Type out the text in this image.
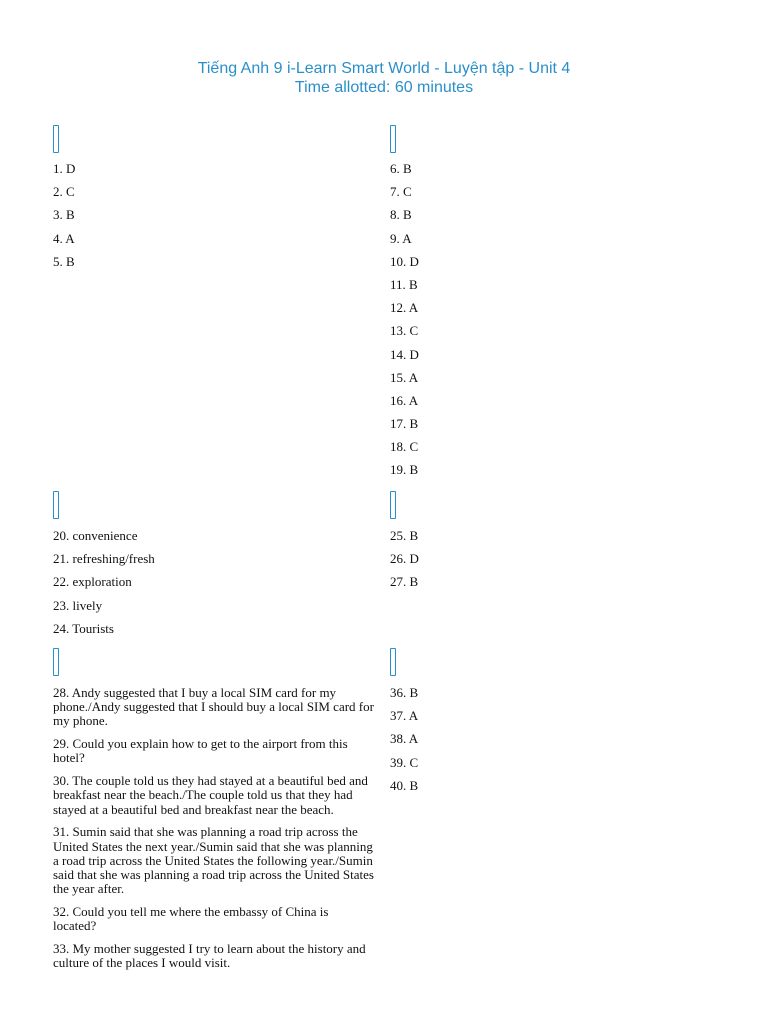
Tiếng Anh 9 i-Learn Smart World - Luyện tập - Unit 4
Time allotted: 60 minutes
1. D
2. C
3. B
4. A
5. B
6. B
7. C
8. B
9. A
10. D
11. B
12. A
13. C
14. D
15. A
16. A
17. B
18. C
19. B
20. convenience
21. refreshing/fresh
22. exploration
23. lively
24. Tourists
25. B
26. D
27. B
28. Andy suggested that I buy a local SIM card for my phone./Andy suggested that I should buy a local SIM card for my phone.
29. Could you explain how to get to the airport from this hotel?
30. The couple told us they had stayed at a beautiful bed and breakfast near the beach./The couple told us that they had stayed at a beautiful bed and breakfast near the beach.
31. Sumin said that she was planning a road trip across the United States the next year./Sumin said that she was planning a road trip across the United States the following year./Sumin said that she was planning a road trip across the United States the year after.
32. Could you tell me where the embassy of China is located?
33. My mother suggested I try to learn about the history and culture of the places I would visit.
36. B
37. A
38. A
39. C
40. B
